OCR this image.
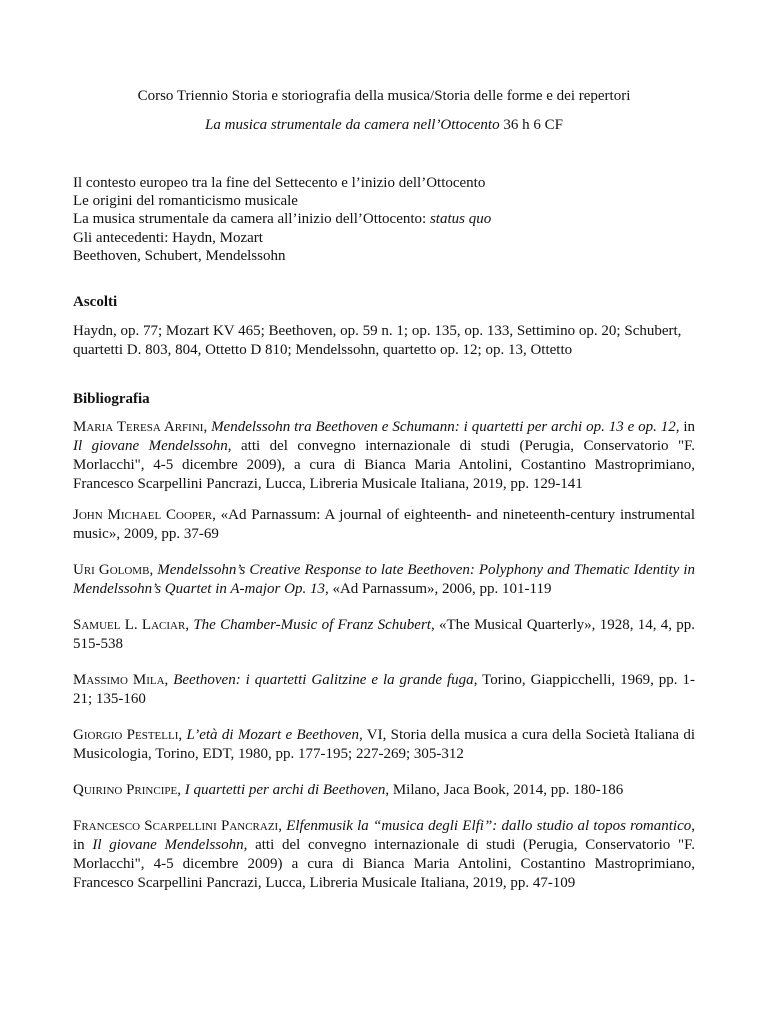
Corso Triennio Storia e storiografia della musica/Storia delle forme e dei repertori

La musica strumentale da camera nell’Ottocento 36 h 6 CF

Il contesto europeo tra la fine del Settecento e l’inizio dell’Ottocento
Le origini del romanticismo musicale
La musica strumentale da camera all’inizio dell’Ottocento: status quo
Gli antecedenti: Haydn, Mozart
Beethoven, Schubert, Mendelssohn
Ascolti
Haydn, op. 77; Mozart KV 465; Beethoven, op. 59 n. 1; op. 135, op. 133, Settimino op. 20; Schubert, quartetti D. 803, 804, Ottetto D 810; Mendelssohn, quartetto op. 12; op. 13, Ottetto
Bibliografia

Maria Teresa Arfini, Mendelssohn tra Beethoven e Schumann: i quartetti per archi op. 13 e op. 12, in Il giovane Mendelssohn, atti del convegno internazionale di studi (Perugia, Conservatorio "F. Morlacchi", 4-5 dicembre 2009), a cura di Bianca Maria Antolini, Costantino Mastroprimiano, Francesco Scarpellini Pancrazi, Lucca, Libreria Musicale Italiana, 2019, pp. 129-141

John Michael Cooper, «Ad Parnassum: A journal of eighteenth- and nineteenth-century instrumental music», 2009, pp. 37-69

Uri Golomb, Mendelssohn’s Creative Response to late Beethoven: Polyphony and Thematic Identity in Mendelssohn’s Quartet in A-major Op. 13, «Ad Parnassum», 2006, pp. 101-119

Samuel L. Laciar, The Chamber-Music of Franz Schubert, «The Musical Quarterly», 1928, 14, 4, pp. 515-538

Massimo Mila, Beethoven: i quartetti Galitzine e la grande fuga, Torino, Giappicchelli, 1969, pp. 1-21; 135-160

Giorgio Pestelli, L’età di Mozart e Beethoven, VI, Storia della musica a cura della Società Italiana di Musicologia, Torino, EDT, 1980, pp. 177-195; 227-269; 305-312

Quirino Principe, I quartetti per archi di Beethoven, Milano, Jaca Book, 2014, pp. 180-186

Francesco Scarpellini Pancrazi, Elfenmusik la “musica degli Elfi”: dallo studio al topos romantico, in Il giovane Mendelssohn, atti del convegno internazionale di studi (Perugia, Conservatorio "F. Morlacchi", 4-5 dicembre 2009) a cura di Bianca Maria Antolini, Costantino Mastroprimiano, Francesco Scarpellini Pancrazi, Lucca, Libreria Musicale Italiana, 2019, pp. 47-109
